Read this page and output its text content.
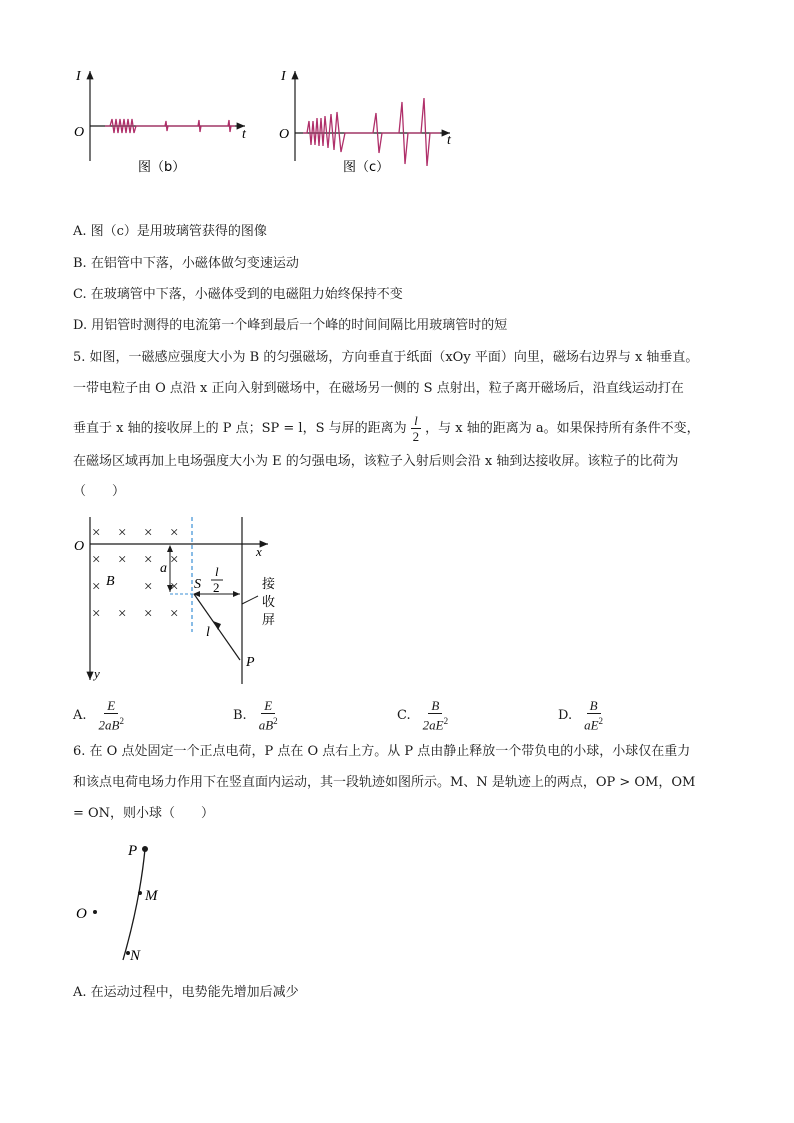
I
O	t
图（b）
I
O	t
图（c）
A. 图（c）是用玻璃管获得的图像
B. 在铝管中下落，小磁体做匀变速运动
C. 在玻璃管中下落，小磁体受到的电磁阻力始终保持不变
D. 用铝管时测得的电流第一个峰到最后一个峰的时间间隔比用玻璃管时的短
5. 如图，一磁感应强度大小为 B 的匀强磁场，方向垂直于纸面（xOy 平面）向里，磁场右边界与 x 轴垂直。
一带电粒子由 O 点沿 x 正向入射到磁场中，在磁场另一侧的 S 点射出，粒子离开磁场后，沿直线运动打在
垂直于 x 轴的接收屏上的 P 点；SP = l，S 与屏的距离为 $\frac{l}{2}$ ，与 x 轴的距离为 a。如果保持所有条件不变，
在磁场区域再加上电场强度大小为 E 的匀强电场，该粒子入射后则会沿 x 轴到达接收屏。该粒子的比荷为
（　　）
O	x
y
× × × ×
× × × ×
×	× ×
× × × ×
B
a	l
2
S
l
P
接
收
屏
A. $\frac{E}{2aB^2}$	B. $\frac{E}{aB^2}$	C. $\frac{B}{2aE^2}$	D. $\frac{B}{aE^2}$
6. 在 O 点处固定一个正点电荷，P 点在 O 点右上方。从 P 点由静止释放一个带负电的小球，小球仅在重力
和该点电荷电场力作用下在竖直面内运动，其一段轨迹如图所示。M、N 是轨迹上的两点，OP > OM，OM
= ON，则小球（　　）
P
M
O
N
A. 在运动过程中，电势能先增加后减少
